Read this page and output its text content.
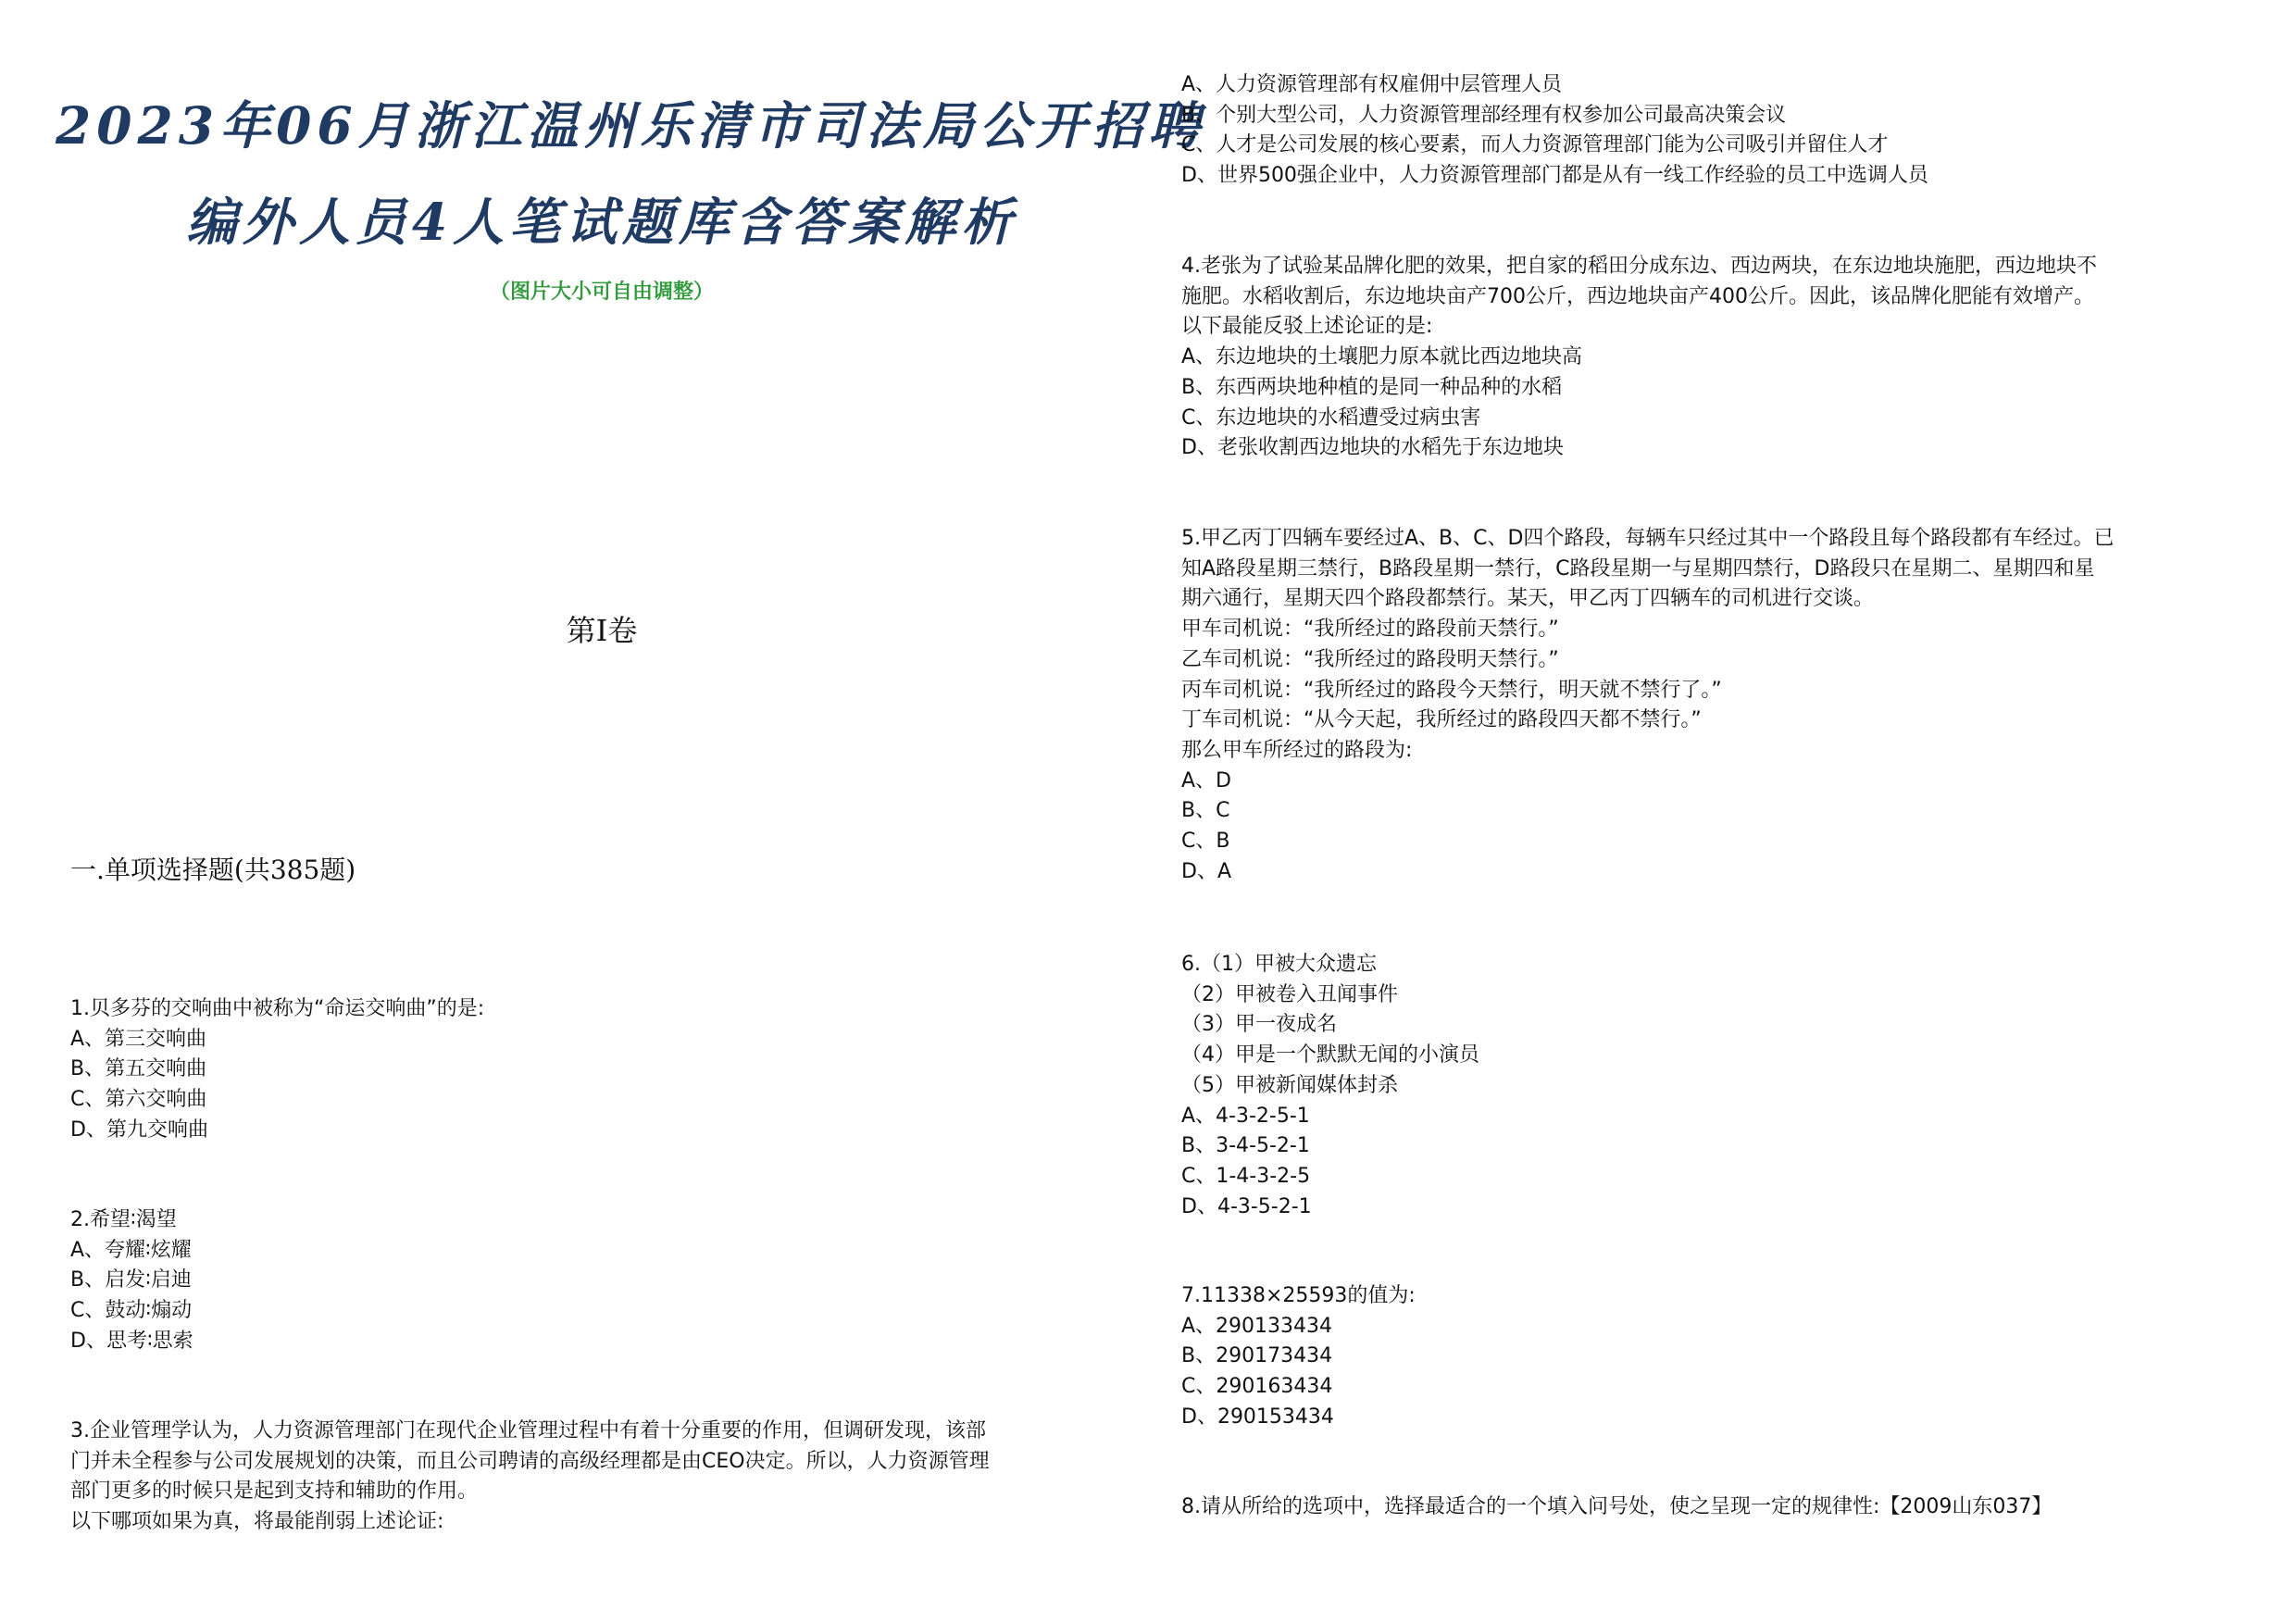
2023年06月浙江温州乐清市司法局公开招聘
编外人员4人笔试题库含答案解析
（图片大小可自由调整）
第Ⅰ卷
一.单项选择题(共385题)
1.贝多芬的交响曲中被称为“命运交响曲”的是:
A、第三交响曲
B、第五交响曲
C、第六交响曲
D、第九交响曲
2.希望∶渴望
A、夸耀∶炫耀
B、启发∶启迪
C、鼓动∶煽动
D、思考∶思索
3.企业管理学认为，人力资源管理部门在现代企业管理过程中有着十分重要的作用，但调研发现，该部
门并未全程参与公司发展规划的决策，而且公司聘请的高级经理都是由CEO决定。所以，人力资源管理
部门更多的时候只是起到支持和辅助的作用。
以下哪项如果为真，将最能削弱上述论证:
A、人力资源管理部有权雇佣中层管理人员
B、个别大型公司，人力资源管理部经理有权参加公司最高决策会议
C、人才是公司发展的核心要素，而人力资源管理部门能为公司吸引并留住人才
D、世界500强企业中，人力资源管理部门都是从有一线工作经验的员工中选调人员
4.老张为了试验某品牌化肥的效果，把自家的稻田分成东边、西边两块，在东边地块施肥，西边地块不
施肥。水稻收割后，东边地块亩产700公斤，西边地块亩产400公斤。因此，该品牌化肥能有效增产。
以下最能反驳上述论证的是:
A、东边地块的土壤肥力原本就比西边地块高
B、东西两块地种植的是同一种品种的水稻
C、东边地块的水稻遭受过病虫害
D、老张收割西边地块的水稻先于东边地块
5.甲乙丙丁四辆车要经过A、B、C、D四个路段，每辆车只经过其中一个路段且每个路段都有车经过。已
知A路段星期三禁行，B路段星期一禁行，C路段星期一与星期四禁行，D路段只在星期二、星期四和星
期六通行，星期天四个路段都禁行。某天，甲乙丙丁四辆车的司机进行交谈。
甲车司机说：“我所经过的路段前天禁行。”
乙车司机说：“我所经过的路段明天禁行。”
丙车司机说：“我所经过的路段今天禁行，明天就不禁行了。”
丁车司机说：“从今天起，我所经过的路段四天都不禁行。”
那么甲车所经过的路段为:
A、D
B、C
C、B
D、A
6.（1）甲被大众遗忘
（2）甲被卷入丑闻事件
（3）甲一夜成名
（4）甲是一个默默无闻的小演员
（5）甲被新闻媒体封杀
A、4-3-2-5-1
B、3-4-5-2-1
C、1-4-3-2-5
D、4-3-5-2-1
7.11338×25593的值为:
A、290133434
B、290173434
C、290163434
D、290153434
8.请从所给的选项中，选择最适合的一个填入问号处，使之呈现一定的规律性:【2009山东037】
